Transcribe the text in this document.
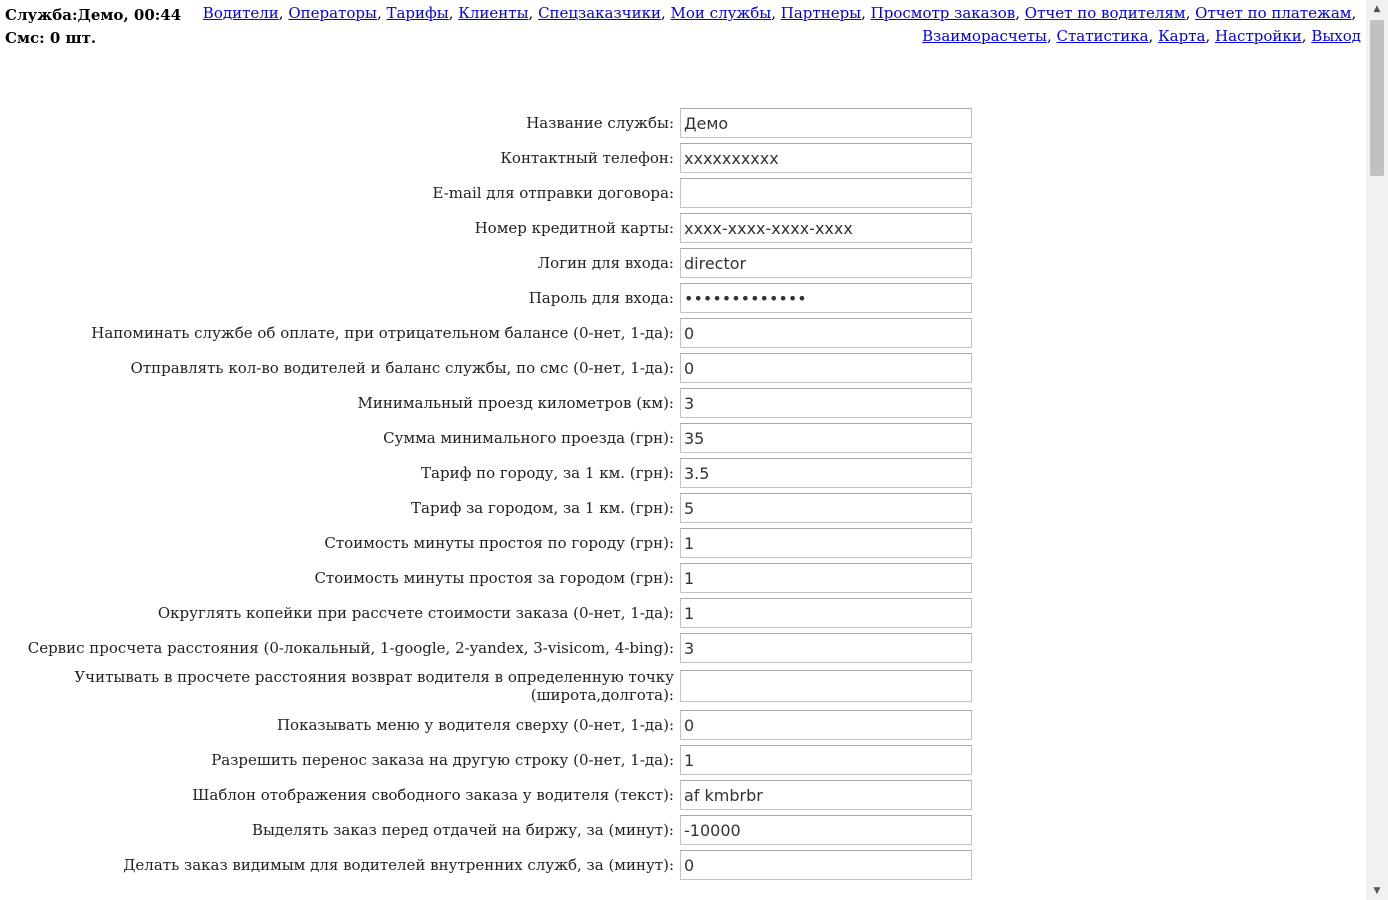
Служба:Демо, 00:44
Смс: 0 шт.
Водители, Операторы, Тарифы, Клиенты, Спецзаказчики, Мои службы, Партнеры, Просмотр заказов, Отчет по водителям, Отчет по платежам,
Взаиморасчеты, Статистика, Карта, Настройки, Выход
Название службы:
Демо
Контактный телефон:
xxxxxxxxxx
E-mail для отправки договора:
Номер кредитной карты:
xxxx-xxxx-xxxx-xxxx
Логин для входа:
director
Пароль для входа:
•••••••••••••
Напоминать службе об оплате, при отрицательном балансе (0-нет, 1-да):
0
Отправлять кол-во водителей и баланс службы, по смс (0-нет, 1-да):
0
Минимальный проезд километров (км):
3
Сумма минимального проезда (грн):
35
Тариф по городу, за 1 км. (грн):
3.5
Тариф за городом, за 1 км. (грн):
5
Стоимость минуты простоя по городу (грн):
1
Стоимость минуты простоя за городом (грн):
1
Округлять копейки при рассчете стоимости заказа (0-нет, 1-да):
1
Сервис просчета расстояния (0-локальный, 1-google, 2-yandex, 3-visicom, 4-bing):
3
Учитывать в просчете расстояния возврат водителя в определенную точку (широта,долгота):
Показывать меню у водителя сверху (0-нет, 1-да):
0
Разрешить перенос заказа на другую строку (0-нет, 1-да):
1
Шаблон отображения свободного заказа у водителя (текст):
af kmbrbr
Выделять заказ перед отдачей на биржу, за (минут):
-10000
Делать заказ видимым для водителей внутренних служб, за (минут):
0
▲
▼
